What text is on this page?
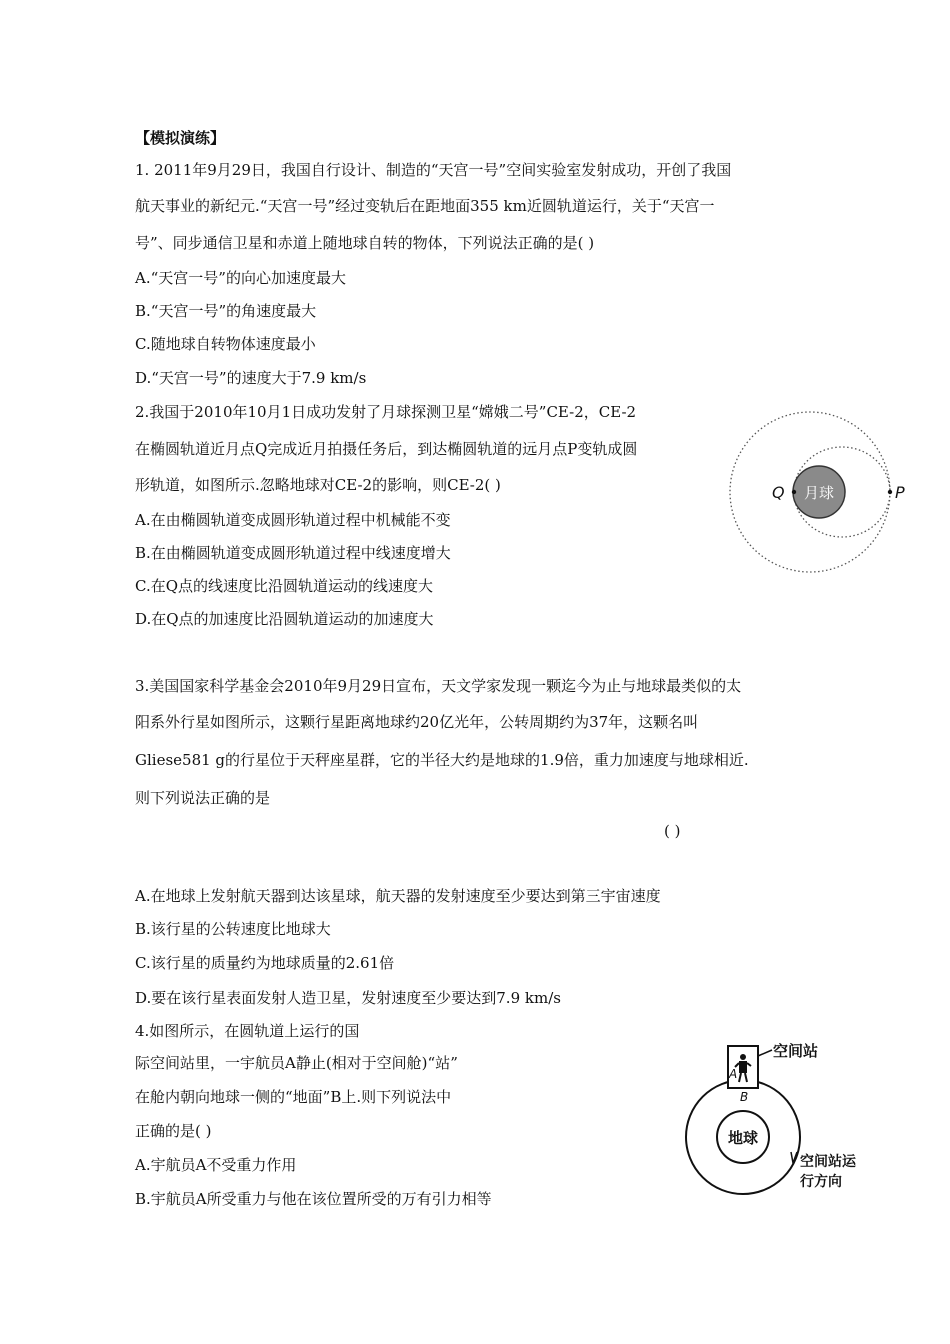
【模拟演练】
1. 2011年9月29日，我国自行设计、制造的“天宫一号”空间实验室发射成功，开创了我国
航天事业的新纪元.“天宫一号”经过变轨后在距地面355 km近圆轨道运行，关于“天宫一
号”、同步通信卫星和赤道上随地球自转的物体，下列说法正确的是( )
A.“天宫一号”的向心加速度最大
B.“天宫一号”的角速度最大
C.随地球自转物体速度最小
D.“天宫一号”的速度大于7.9 km/s
2.我国于2010年10月1日成功发射了月球探测卫星“嫦娥二号”CE-2，CE-2
在椭圆轨道近月点Q完成近月拍摄任务后，到达椭圆轨道的远月点P变轨成圆
形轨道，如图所示.忽略地球对CE-2的影响，则CE-2( )
A.在由椭圆轨道变成圆形轨道过程中机械能不变
B.在由椭圆轨道变成圆形轨道过程中线速度增大
C.在Q点的线速度比沿圆轨道运动的线速度大
D.在Q点的加速度比沿圆轨道运动的加速度大
月球
Q	P
3.美国国家科学基金会2010年9月29日宣布，天文学家发现一颗迄今为止与地球最类似的太
阳系外行星如图所示，这颗行星距离地球约20亿光年，公转周期约为37年，这颗名叫
Gliese581 g的行星位于天秤座星群，它的半径大约是地球的1.9倍，重力加速度与地球相近.
则下列说法正确的是
( )
A.在地球上发射航天器到达该星球，航天器的发射速度至少要达到第三宇宙速度
B.该行星的公转速度比地球大
C.该行星的质量约为地球质量的2.61倍
D.要在该行星表面发射人造卫星，发射速度至少要达到7.9 km/s
4.如图所示，在圆轨道上运行的国
际空间站里，一宇航员A静止(相对于空间舱)“站”
在舱内朝向地球一侧的“地面”B上.则下列说法中
正确的是( )
A.宇航员A不受重力作用
B.宇航员A所受重力与他在该位置所受的万有引力相等
地球
A
B
空间站
空间站运
行方向
